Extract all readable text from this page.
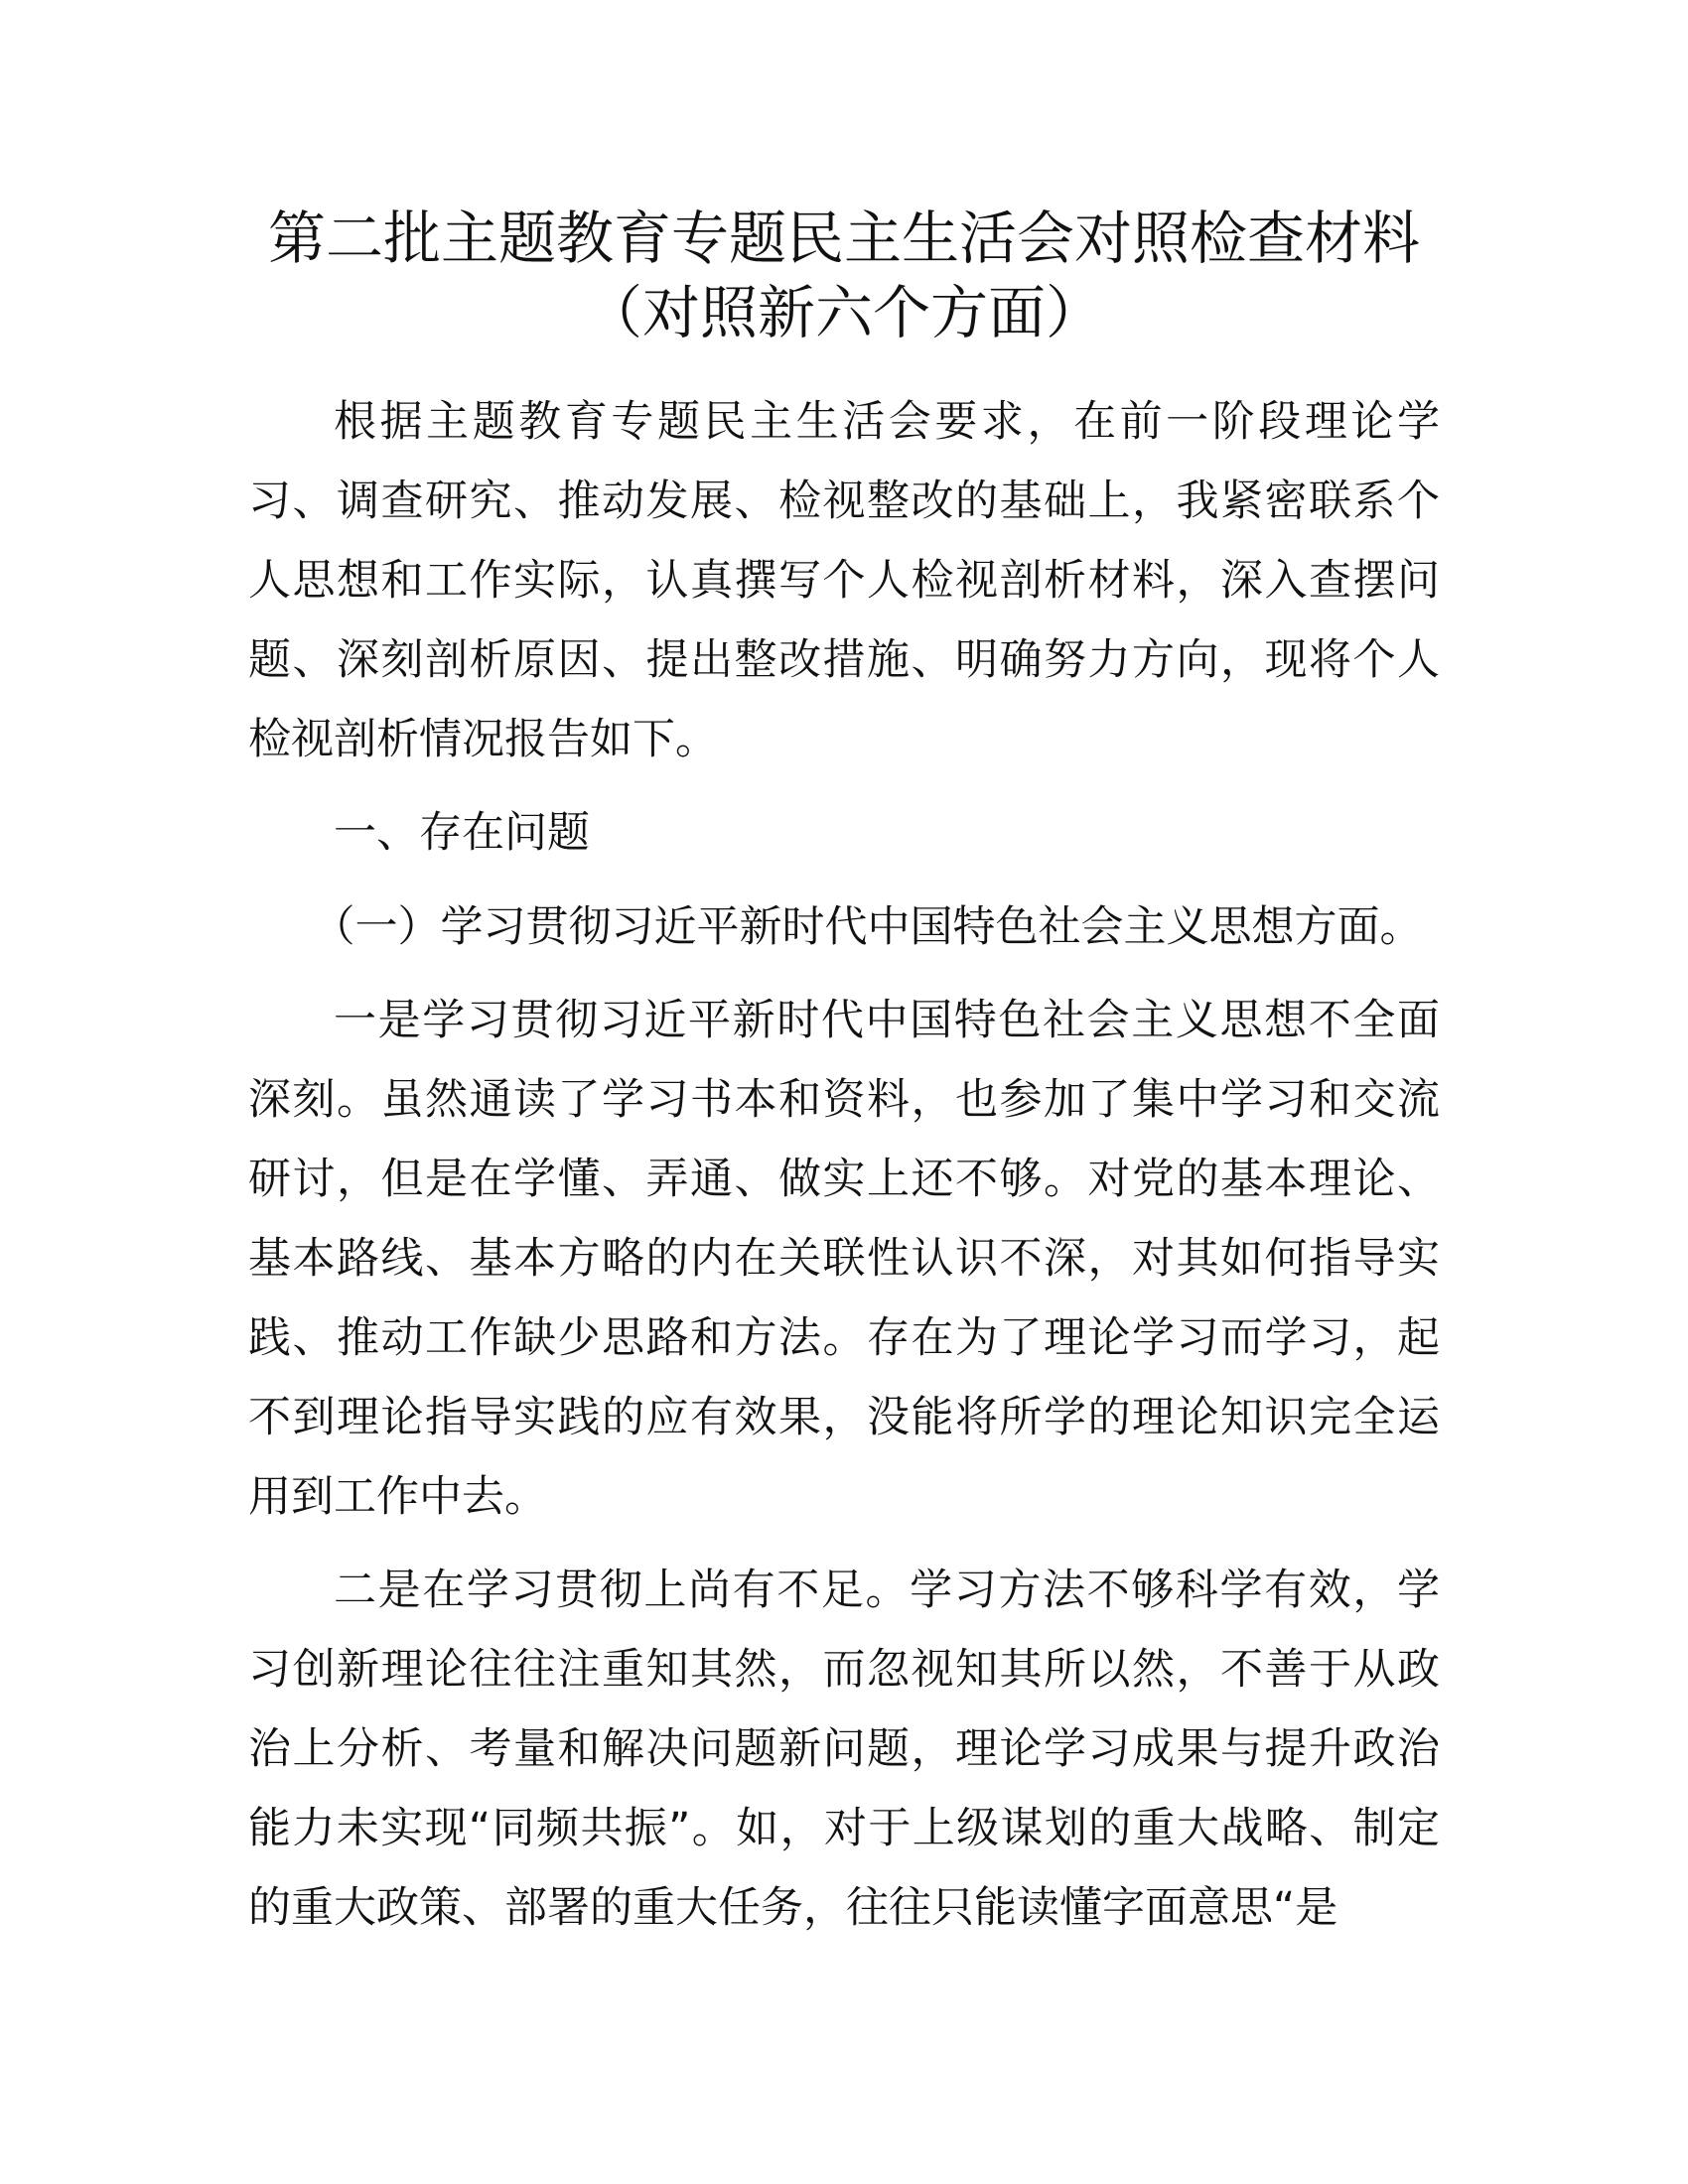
第二批主题教育专题民主生活会对照检查材料
（对照新六个方面）

根据主题教育专题民主生活会要求，在前一阶段理论学习、调查研究、推动发展、检视整改的基础上，我紧密联系个人思想和工作实际，认真撰写个人检视剖析材料，深入查摆问题、深刻剖析原因、提出整改措施、明确努力方向，现将个人检视剖析情况报告如下。

一、存在问题

（一）学习贯彻习近平新时代中国特色社会主义思想方面。

一是学习贯彻习近平新时代中国特色社会主义思想不全面深刻。虽然通读了学习书本和资料，也参加了集中学习和交流研讨，但是在学懂、弄通、做实上还不够。对党的基本理论、基本路线、基本方略的内在关联性认识不深，对其如何指导实践、推动工作缺少思路和方法。存在为了理论学习而学习，起不到理论指导实践的应有效果，没能将所学的理论知识完全运用到工作中去。

二是在学习贯彻上尚有不足。学习方法不够科学有效，学习创新理论往往注重知其然，而忽视知其所以然，不善于从政治上分析、考量和解决问题新问题，理论学习成果与提升政治能力未实现“同频共振”。如，对于上级谋划的重大战略、制定的重大政策、部署的重大任务，往往只能读懂字面意思“是
